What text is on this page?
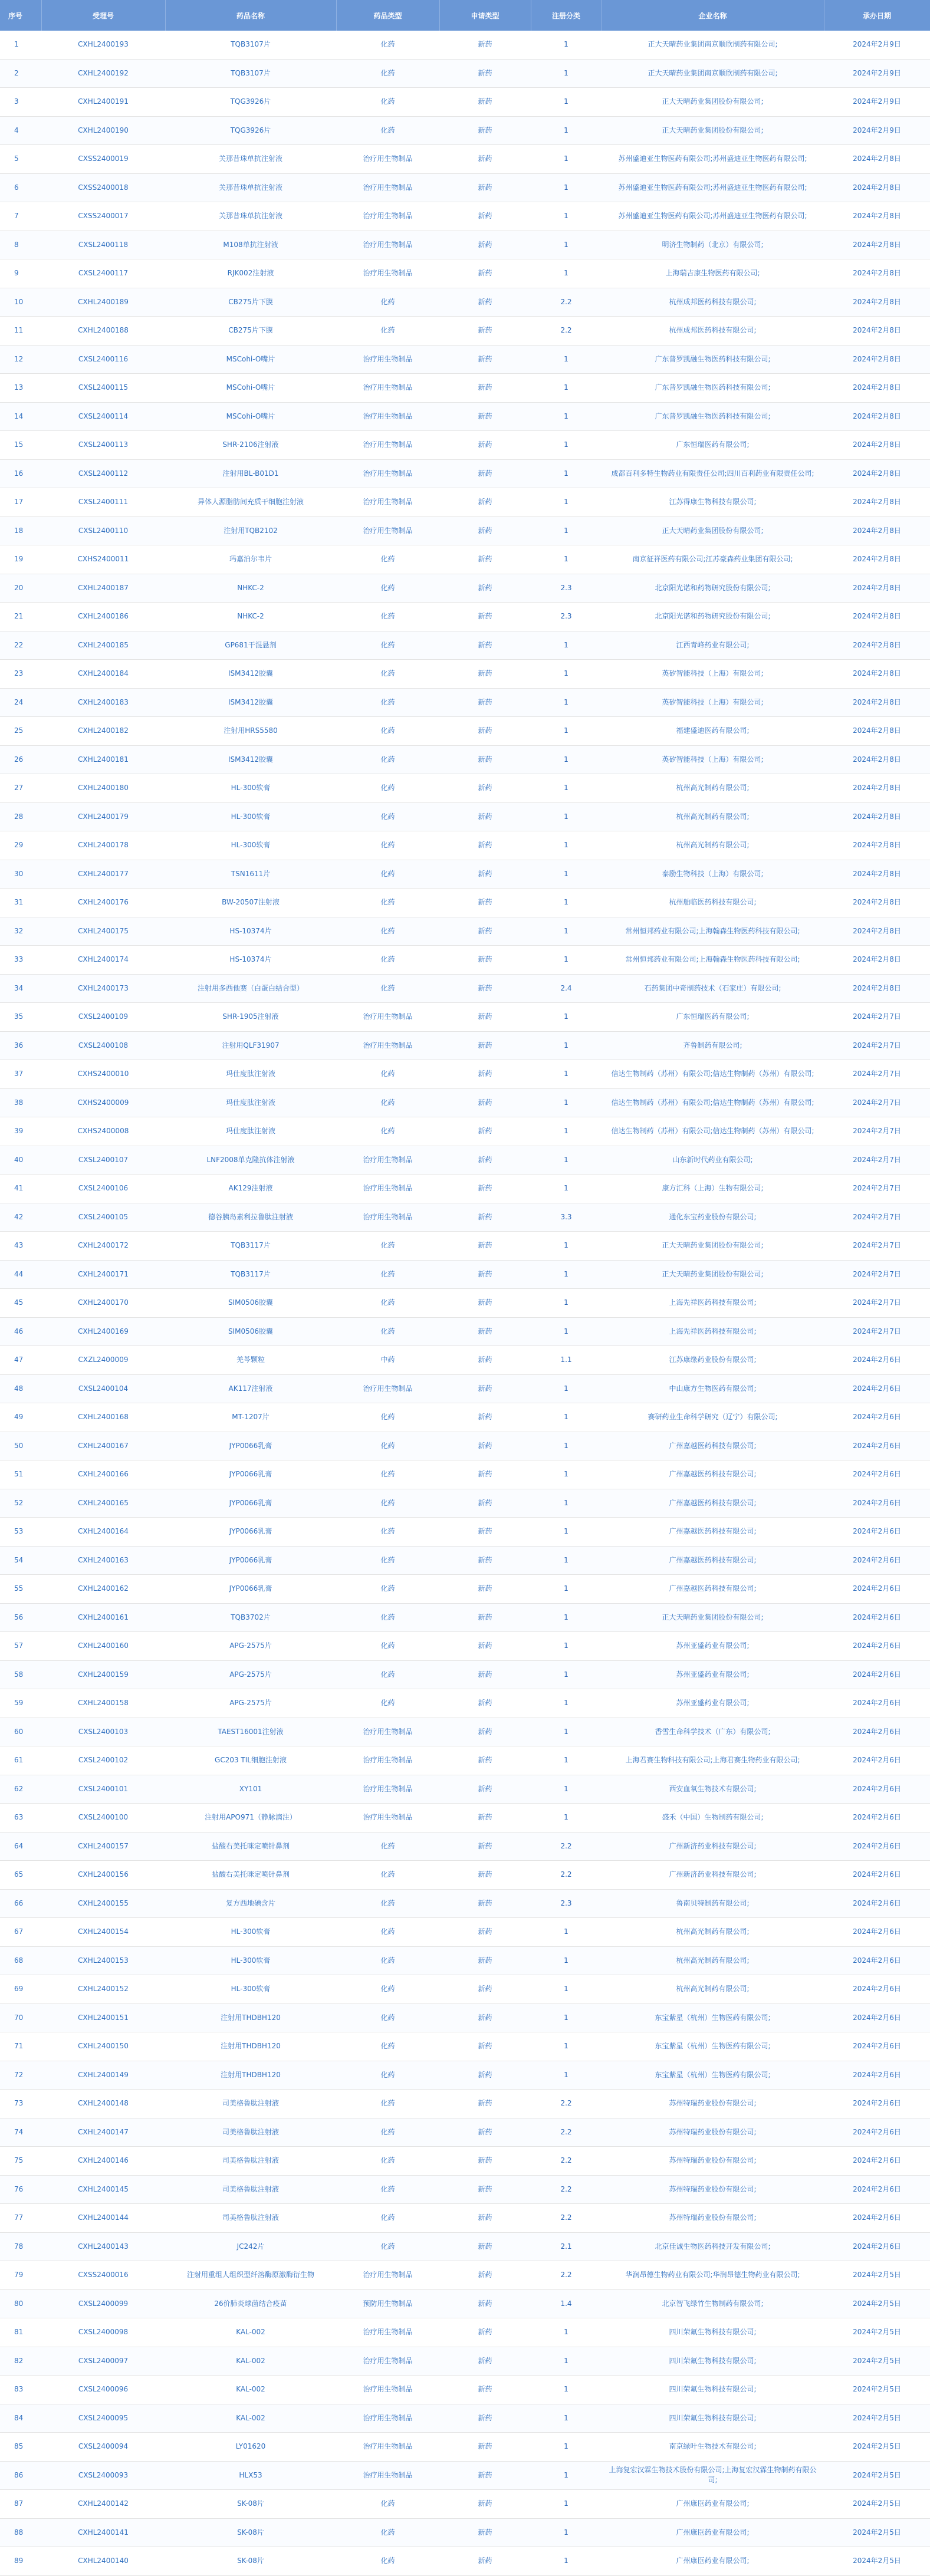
序号	受理号	药品名称	药品类型	申请类型	注册分类	企业名称	承办日期
1	CXHL2400193	TQB3107片	化药	新药	1	正大天晴药业集团南京顺欣制药有限公司;	2024年2月9日
2	CXHL2400192	TQB3107片	化药	新药	1	正大天晴药业集团南京顺欣制药有限公司;	2024年2月9日
3	CXHL2400191	TQG3926片	化药	新药	1	正大天晴药业集团股份有限公司;	2024年2月9日
4	CXHL2400190	TQG3926片	化药	新药	1	正大天晴药业集团股份有限公司;	2024年2月9日
5	CXSS2400019	关那昔珠单抗注射液	治疗用生物制品	新药	1	苏州盛迪亚生物医药有限公司;苏州盛迪亚生物医药有限公司;	2024年2月8日
6	CXSS2400018	关那昔珠单抗注射液	治疗用生物制品	新药	1	苏州盛迪亚生物医药有限公司;苏州盛迪亚生物医药有限公司;	2024年2月8日
7	CXSS2400017	关那昔珠单抗注射液	治疗用生物制品	新药	1	苏州盛迪亚生物医药有限公司;苏州盛迪亚生物医药有限公司;	2024年2月8日
8	CXSL2400118	M108单抗注射液	治疗用生物制品	新药	1	明济生物制药（北京）有限公司;	2024年2月8日
9	CXSL2400117	RJK002注射液	治疗用生物制品	新药	1	上海瑞吉康生物医药有限公司;	2024年2月8日
10	CXHL2400189	CB275片下膜	化药	新药	2.2	杭州成邦医药科技有限公司;	2024年2月8日
11	CXHL2400188	CB275片下膜	化药	新药	2.2	杭州成邦医药科技有限公司;	2024年2月8日
12	CXSL2400116	MSCohi-O嘴片	治疗用生物制品	新药	1	广东普罗凯融生物医药科技有限公司;	2024年2月8日
13	CXSL2400115	MSCohi-O嘴片	治疗用生物制品	新药	1	广东普罗凯融生物医药科技有限公司;	2024年2月8日
14	CXSL2400114	MSCohi-O嘴片	治疗用生物制品	新药	1	广东普罗凯融生物医药科技有限公司;	2024年2月8日
15	CXSL2400113	SHR-2106注射液	治疗用生物制品	新药	1	广东恒瑞医药有限公司;	2024年2月8日
16	CXSL2400112	注射用BL-B01D1	治疗用生物制品	新药	1	成都百利多特生物药业有限责任公司;四川百利药业有限责任公司;	2024年2月8日
17	CXSL2400111	异体人源脂肪间充质干细胞注射液	治疗用生物制品	新药	1	江苏得康生物科技有限公司;	2024年2月8日
18	CXSL2400110	注射用TQB2102	治疗用生物制品	新药	1	正大天晴药业集团股份有限公司;	2024年2月8日
19	CXHS2400011	玛嘉泊尔韦片	化药	新药	1	南京征祥医药有限公司;江苏豪森药业集团有限公司;	2024年2月8日
20	CXHL2400187	NHKC-2	化药	新药	2.3	北京阳光诺和药物研究股份有限公司;	2024年2月8日
21	CXHL2400186	NHKC-2	化药	新药	2.3	北京阳光诺和药物研究股份有限公司;	2024年2月8日
22	CXHL2400185	GP681干混悬剂	化药	新药	1	江西青峰药业有限公司;	2024年2月8日
23	CXHL2400184	ISM3412胶囊	化药	新药	1	英矽智能科技（上海）有限公司;	2024年2月8日
24	CXHL2400183	ISM3412胶囊	化药	新药	1	英矽智能科技（上海）有限公司;	2024年2月8日
25	CXHL2400182	注射用HRS5580	化药	新药	1	福建盛迪医药有限公司;	2024年2月8日
26	CXHL2400181	ISM3412胶囊	化药	新药	1	英矽智能科技（上海）有限公司;	2024年2月8日
27	CXHL2400180	HL-300软膏	化药	新药	1	杭州高光制药有限公司;	2024年2月8日
28	CXHL2400179	HL-300软膏	化药	新药	1	杭州高光制药有限公司;	2024年2月8日
29	CXHL2400178	HL-300软膏	化药	新药	1	杭州高光制药有限公司;	2024年2月8日
30	CXHL2400177	TSN1611片	化药	新药	1	泰励生物科技（上海）有限公司;	2024年2月8日
31	CXHL2400176	BW-20507注射液	化药	新药	1	杭州舶临医药科技有限公司;	2024年2月8日
32	CXHL2400175	HS-10374片	化药	新药	1	常州恒邦药业有限公司;上海翰森生物医药科技有限公司;	2024年2月8日
33	CXHL2400174	HS-10374片	化药	新药	1	常州恒邦药业有限公司;上海翰森生物医药科技有限公司;	2024年2月8日
34	CXHL2400173	注射用多西他赛（白蛋白结合型）	化药	新药	2.4	石药集团中奇制药技术（石家庄）有限公司;	2024年2月8日
35	CXSL2400109	SHR-1905注射液	治疗用生物制品	新药	1	广东恒瑞医药有限公司;	2024年2月7日
36	CXSL2400108	注射用QLF31907	治疗用生物制品	新药	1	齐鲁制药有限公司;	2024年2月7日
37	CXHS2400010	玛仕度肽注射液	化药	新药	1	信达生物制药（苏州）有限公司;信达生物制药（苏州）有限公司;	2024年2月7日
38	CXHS2400009	玛仕度肽注射液	化药	新药	1	信达生物制药（苏州）有限公司;信达生物制药（苏州）有限公司;	2024年2月7日
39	CXHS2400008	玛仕度肽注射液	化药	新药	1	信达生物制药（苏州）有限公司;信达生物制药（苏州）有限公司;	2024年2月7日
40	CXSL2400107	LNF2008单克隆抗体注射液	治疗用生物制品	新药	1	山东新时代药业有限公司;	2024年2月7日
41	CXSL2400106	AK129注射液	治疗用生物制品	新药	1	康方汇科（上海）生物有限公司;	2024年2月7日
42	CXSL2400105	德谷胰岛素利拉鲁肽注射液	治疗用生物制品	新药	3.3	通化东宝药业股份有限公司;	2024年2月7日
43	CXHL2400172	TQB3117片	化药	新药	1	正大天晴药业集团股份有限公司;	2024年2月7日
44	CXHL2400171	TQB3117片	化药	新药	1	正大天晴药业集团股份有限公司;	2024年2月7日
45	CXHL2400170	SIM0506胶囊	化药	新药	1	上海先祥医药科技有限公司;	2024年2月7日
46	CXHL2400169	SIM0506胶囊	化药	新药	1	上海先祥医药科技有限公司;	2024年2月7日
47	CXZL2400009	羌芩颗粒	中药	新药	1.1	江苏康缘药业股份有限公司;	2024年2月6日
48	CXSL2400104	AK117注射液	治疗用生物制品	新药	1	中山康方生物医药有限公司;	2024年2月6日
49	CXHL2400168	MT-1207片	化药	新药	1	赛研药业生命科学研究（辽宁）有限公司;	2024年2月6日
50	CXHL2400167	JYP0066乳膏	化药	新药	1	广州嘉越医药科技有限公司;	2024年2月6日
51	CXHL2400166	JYP0066乳膏	化药	新药	1	广州嘉越医药科技有限公司;	2024年2月6日
52	CXHL2400165	JYP0066乳膏	化药	新药	1	广州嘉越医药科技有限公司;	2024年2月6日
53	CXHL2400164	JYP0066乳膏	化药	新药	1	广州嘉越医药科技有限公司;	2024年2月6日
54	CXHL2400163	JYP0066乳膏	化药	新药	1	广州嘉越医药科技有限公司;	2024年2月6日
55	CXHL2400162	JYP0066乳膏	化药	新药	1	广州嘉越医药科技有限公司;	2024年2月6日
56	CXHL2400161	TQB3702片	化药	新药	1	正大天晴药业集团股份有限公司;	2024年2月6日
57	CXHL2400160	APG-2575片	化药	新药	1	苏州亚盛药业有限公司;	2024年2月6日
58	CXHL2400159	APG-2575片	化药	新药	1	苏州亚盛药业有限公司;	2024年2月6日
59	CXHL2400158	APG-2575片	化药	新药	1	苏州亚盛药业有限公司;	2024年2月6日
60	CXSL2400103	TAEST16001注射液	治疗用生物制品	新药	1	香雪生命科学技术（广东）有限公司;	2024年2月6日
61	CXSL2400102	GC203 TIL细胞注射液	治疗用生物制品	新药	1	上海君赛生物科技有限公司;上海君赛生物药业有限公司;	2024年2月6日
62	CXSL2400101	XY101	治疗用生物制品	新药	1	西安血氧生物技术有限公司;	2024年2月6日
63	CXSL2400100	注射用APO971（静脉滴注）	治疗用生物制品	新药	1	盛禾（中国）生物制药有限公司;	2024年2月6日
64	CXHL2400157	盐酸右美托咪定喷针鼻剂	化药	新药	2.2	广州新济药业科技有限公司;	2024年2月6日
65	CXHL2400156	盐酸右美托咪定喷针鼻剂	化药	新药	2.2	广州新济药业科技有限公司;	2024年2月6日
66	CXHL2400155	复方西地碘含片	化药	新药	2.3	鲁南贝特制药有限公司;	2024年2月6日
67	CXHL2400154	HL-300软膏	化药	新药	1	杭州高光制药有限公司;	2024年2月6日
68	CXHL2400153	HL-300软膏	化药	新药	1	杭州高光制药有限公司;	2024年2月6日
69	CXHL2400152	HL-300软膏	化药	新药	1	杭州高光制药有限公司;	2024年2月6日
70	CXHL2400151	注射用THDBH120	化药	新药	1	东宝紫星（杭州）生物医药有限公司;	2024年2月6日
71	CXHL2400150	注射用THDBH120	化药	新药	1	东宝紫星（杭州）生物医药有限公司;	2024年2月6日
72	CXHL2400149	注射用THDBH120	化药	新药	1	东宝紫星（杭州）生物医药有限公司;	2024年2月6日
73	CXHL2400148	司美格鲁肽注射液	化药	新药	2.2	苏州特瑞药业股份有限公司;	2024年2月6日
74	CXHL2400147	司美格鲁肽注射液	化药	新药	2.2	苏州特瑞药业股份有限公司;	2024年2月6日
75	CXHL2400146	司美格鲁肽注射液	化药	新药	2.2	苏州特瑞药业股份有限公司;	2024年2月6日
76	CXHL2400145	司美格鲁肽注射液	化药	新药	2.2	苏州特瑞药业股份有限公司;	2024年2月6日
77	CXHL2400144	司美格鲁肽注射液	化药	新药	2.2	苏州特瑞药业股份有限公司;	2024年2月6日
78	CXHL2400143	JC242片	化药	新药	2.1	北京佳诚生物医药科技开发有限公司;	2024年2月6日
79	CXSS2400016	注射用重组人组织型纤溶酶原激酶衍生物	治疗用生物制品	新药	2.2	华润昂德生物药业有限公司;华润昂德生物药业有限公司;	2024年2月5日
80	CXSL2400099	26价肺炎球菌结合疫苗	预防用生物制品	新药	1.4	北京智飞绿竹生物制药有限公司;	2024年2月5日
81	CXSL2400098	KAL-002	治疗用生物制品	新药	1	四川荣氟生物科技有限公司;	2024年2月5日
82	CXSL2400097	KAL-002	治疗用生物制品	新药	1	四川荣氟生物科技有限公司;	2024年2月5日
83	CXSL2400096	KAL-002	治疗用生物制品	新药	1	四川荣氟生物科技有限公司;	2024年2月5日
84	CXSL2400095	KAL-002	治疗用生物制品	新药	1	四川荣氟生物科技有限公司;	2024年2月5日
85	CXSL2400094	LY01620	治疗用生物制品	新药	1	南京绿叶生物技术有限公司;	2024年2月5日
86	CXSL2400093	HLX53	治疗用生物制品	新药	1	上海复宏汉霖生物技术股份有限公司;上海复宏汉霖生物制药有限公司;	2024年2月5日
87	CXHL2400142	SK-08片	化药	新药	1	广州康臣药业有限公司;	2024年2月5日
88	CXHL2400141	SK-08片	化药	新药	1	广州康臣药业有限公司;	2024年2月5日
89	CXHL2400140	SK-08片	化药	新药	1	广州康臣药业有限公司;	2024年2月5日
